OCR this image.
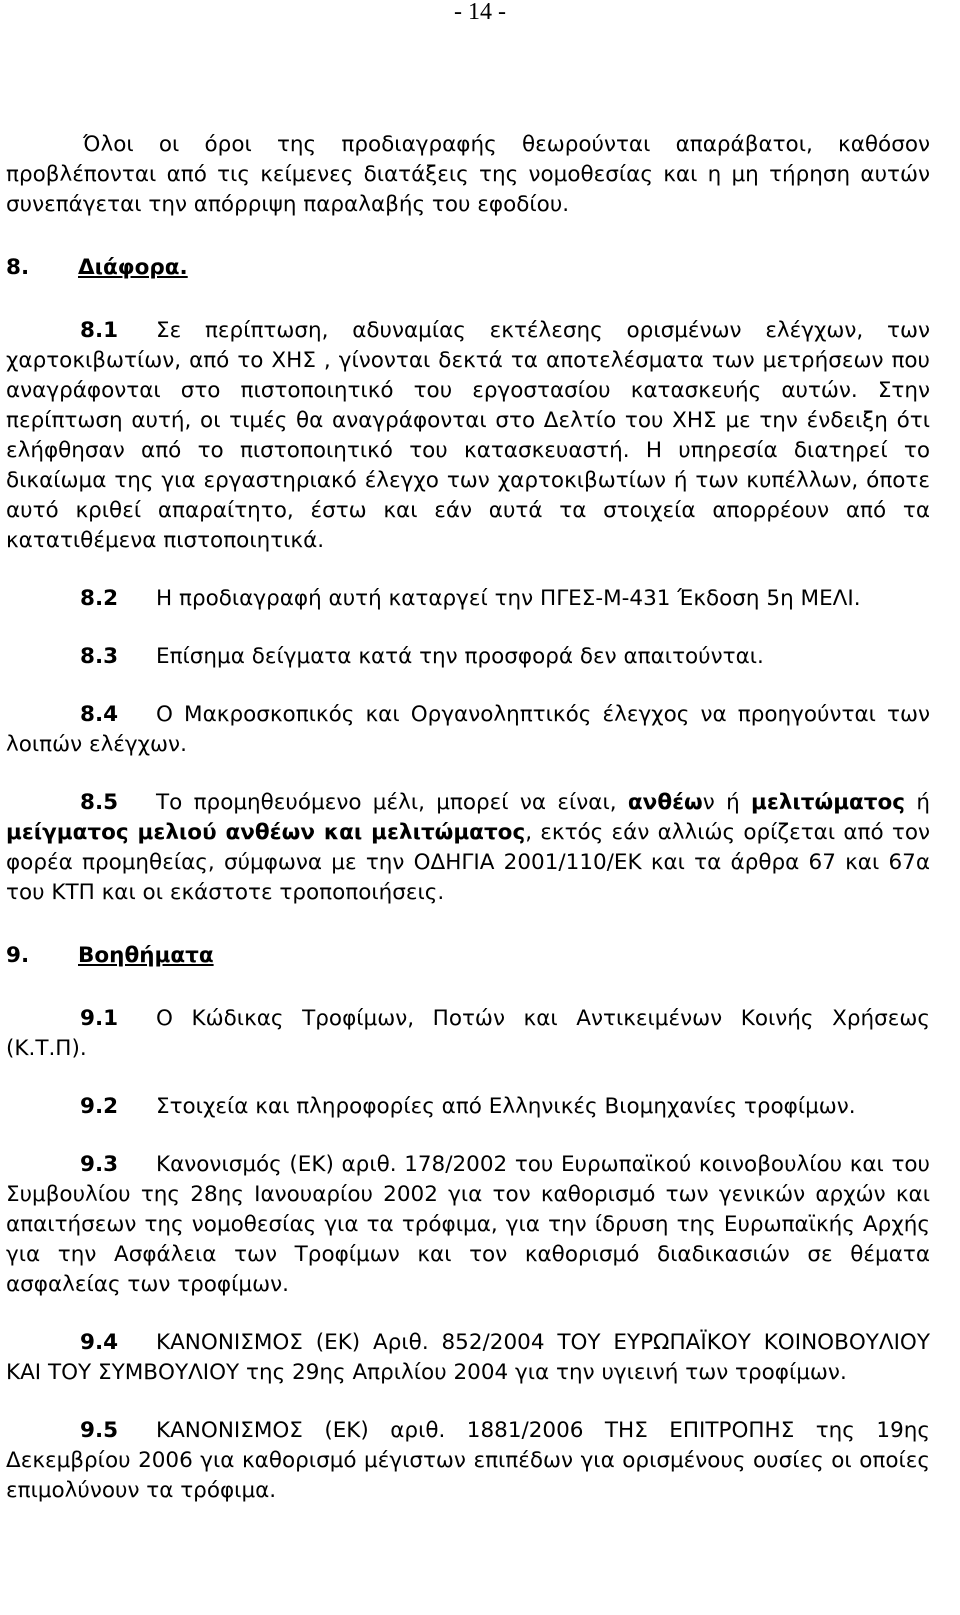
- 14 -

Όλοι οι όροι της προδιαγραφής θεωρούνται απαράβατοι, καθόσον προβλέπονται από τις κείμενες διατάξεις της νομοθεσίας και η μη τήρηση αυτών συνεπάγεται την απόρριψη παραλαβής του εφοδίου.

8. Διάφορα.

8.1 Σε περίπτωση, αδυναμίας εκτέλεσης ορισμένων ελέγχων, των χαρτοκιβωτίων, από το ΧΗΣ , γίνονται δεκτά τα αποτελέσματα των μετρήσεων που αναγράφονται στο πιστοποιητικό του εργοστασίου κατασκευής αυτών. Στην περίπτωση αυτή, οι τιμές θα αναγράφονται στο Δελτίο του ΧΗΣ με την ένδειξη ότι ελήφθησαν από το πιστοποιητικό του κατασκευαστή. Η υπηρεσία διατηρεί το δικαίωμα της για εργαστηριακό έλεγχο των χαρτοκιβωτίων ή των κυπέλλων, όποτε αυτό κριθεί απαραίτητο, έστω και εάν αυτά τα στοιχεία απορρέουν από τα κατατιθέμενα πιστοποιητικά.

8.2 Η προδιαγραφή αυτή καταργεί την ΠΓΕΣ-Μ-431 Έκδοση 5η ΜΕΛΙ.

8.3 Επίσημα δείγματα κατά την προσφορά δεν απαιτούνται.

8.4 Ο Μακροσκοπικός και Οργανοληπτικός έλεγχος να προηγούνται των λοιπών ελέγχων.

8.5 Το προμηθευόμενο μέλι, μπορεί να είναι, ανθέων ή μελιτώματος ή μείγματος μελιού ανθέων και μελιτώματος, εκτός εάν αλλιώς ορίζεται από τον φορέα προμηθείας, σύμφωνα με την ΟΔΗΓΙΑ 2001/110/ΕΚ και τα άρθρα 67 και 67α του ΚΤΠ και οι εκάστοτε τροποποιήσεις.

9. Βοηθήματα

9.1 Ο Κώδικας Τροφίμων, Ποτών και Αντικειμένων Κοινής Χρήσεως (Κ.Τ.Π).

9.2 Στοιχεία και πληροφορίες από Ελληνικές Βιομηχανίες τροφίμων.

9.3 Κανονισμός (ΕΚ) αριθ. 178/2002 του Ευρωπαϊκού κοινοβουλίου και του Συμβουλίου της 28ης Ιανουαρίου 2002 για τον καθορισμό των γενικών αρχών και απαιτήσεων της νομοθεσίας για τα τρόφιμα, για την ίδρυση της Ευρωπαϊκής Αρχής για την Ασφάλεια των Τροφίμων και τον καθορισμό διαδικασιών σε θέματα ασφαλείας των τροφίμων.

9.4 ΚΑΝΟΝΙΣΜΟΣ (ΕΚ) Αριθ. 852/2004 ΤΟΥ ΕΥΡΩΠΑΪΚΟΥ ΚΟΙΝΟΒΟΥΛΙΟΥ ΚΑΙ ΤΟΥ ΣΥΜΒΟΥΛΙΟΥ της 29ης Απριλίου 2004 για την υγιεινή των τροφίμων.

9.5 ΚΑΝΟΝΙΣΜΟΣ (ΕΚ) αριθ. 1881/2006 ΤΗΣ ΕΠΙΤΡΟΠΗΣ της 19ης Δεκεμβρίου 2006 για καθορισμό μέγιστων επιπέδων για ορισμένους ουσίες οι οποίες επιμολύνουν τα τρόφιμα.
